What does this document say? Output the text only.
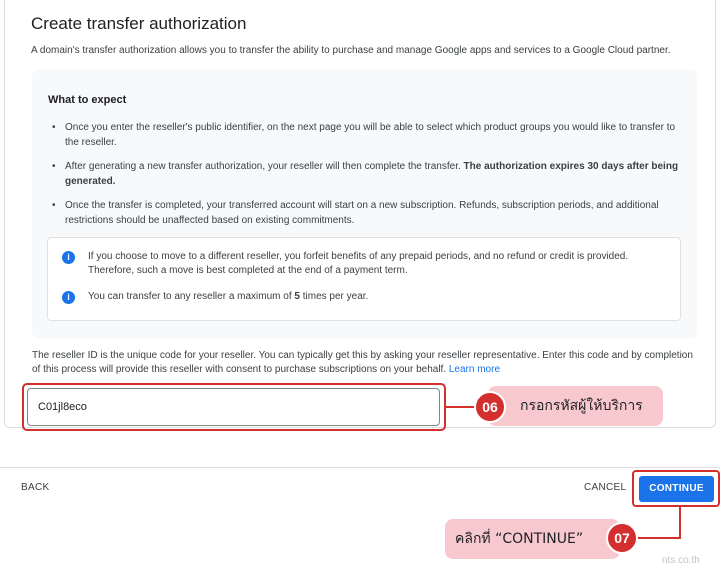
Create transfer authorization
A domain's transfer authorization allows you to transfer the ability to purchase and manage Google apps and services to a Google Cloud partner.
What to expect
• Once you enter the reseller's public identifier, on the next page you will be able to select which product groups you would like to transfer to the reseller.
• After generating a new transfer authorization, your reseller will then complete the transfer. The authorization expires 30 days after being generated.
• Once the transfer is completed, your transferred account will start on a new subscription. Refunds, subscription periods, and additional restrictions should be unaffected based on existing commitments.
i	If you choose to move to a different reseller, you forfeit benefits of any prepaid periods, and no refund or credit is provided. Therefore, such a move is best completed at the end of a payment term.
i	You can transfer to any reseller a maximum of 5 times per year.
The reseller ID is the unique code for your reseller. You can typically get this by asking your reseller representative. Enter this code and by completion of this process will provide this reseller with consent to purchase subscriptions on your behalf. Learn more
C01jl8eco
กรอกรหัสผู้ให้บริการ
06
BACK	CANCEL	CONTINUE
คลิกที่ “CONTINUE”	07
nts.co.th
